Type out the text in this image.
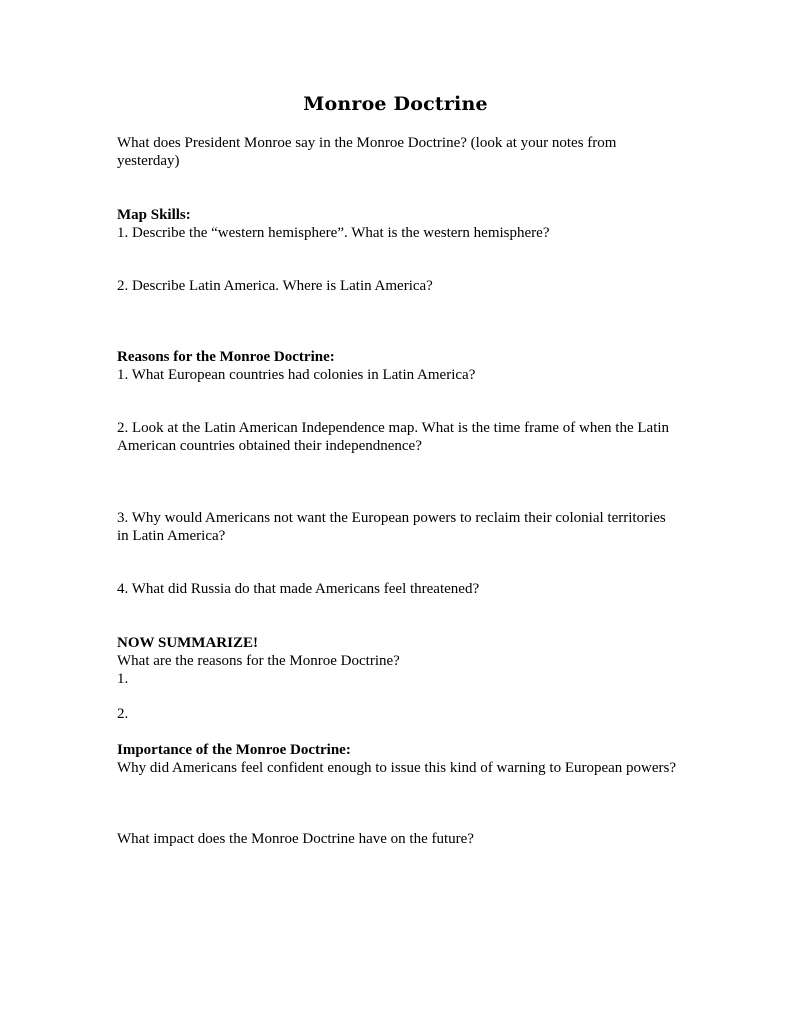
Monroe Doctrine

What does President Monroe say in the Monroe Doctrine? (look at your notes from yesterday)

Map Skills:

1. Describe the “western hemisphere”. What is the western hemisphere?

2. Describe Latin America. Where is Latin America?

Reasons for the Monroe Doctrine:

1. What European countries had colonies in Latin America?

2. Look at the Latin American Independence map. What is the time frame of when the Latin American countries obtained their independnence?

3. Why would Americans not want the European powers to reclaim their colonial territories in Latin America?

4. What did Russia do that made Americans feel threatened?

NOW SUMMARIZE!

What are the reasons for the Monroe Doctrine?

1.

2.

Importance of the Monroe Doctrine:

Why did Americans feel confident enough to issue this kind of warning to European powers?

What impact does the Monroe Doctrine have on the future?
